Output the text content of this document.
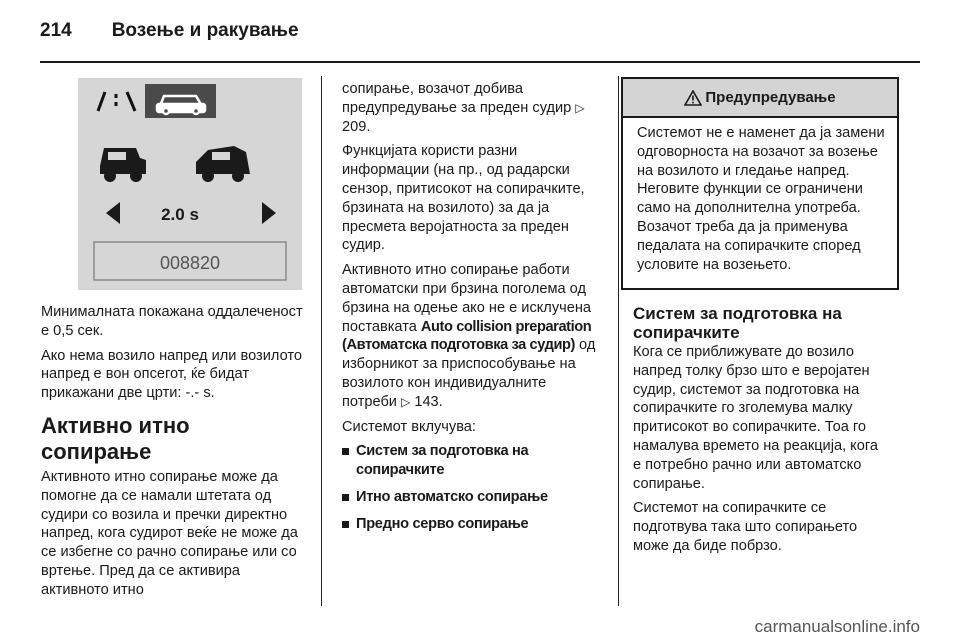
214 Возење и ракување
2.0 s
008820

Минималната покажана оддалеченост е 0,5 сек.

Ако нема возило напред или возилото напред е вон опсегот, ќе бидат прикажани две црти: -.- s.

Активно итно сопирање

Активното итно сопирање може да помогне да се намали штетата од судири со возила и пречки директно напред, кога судирот веќе не може да се избегне со рачно сопирање или со вртење. Пред да се активира активното итно

сопирање, возачот добива предупредување за преден судир ▷ 209.

Функцијата користи разни информации (на пр., од радарски сензор, притисокот на сопирачките, брзината на возилото) за да ја пресмета веројатноста за преден судир.

Активното итно сопирање работи автоматски при брзина поголема од брзина на одење ако не е исклучена поставката Auto collision preparation (Автоматска подготовка за судир) од изборникот за приспособување на возилото кон индивидуалните потреби ▷ 143.

Системот вклучува:

Систем за подготовка на сопирачките
Итно автоматско сопирање
Предно серво сопирање
Предупредување
Системот не е наменет да ја замени одговорноста на возачот за возење на возилото и гледање напред. Неговите функции се ограничени само на дополнителна употреба. Возачот треба да ја применува педалата на сопирачките според условите на возењето.
Систем за подготовка на сопирачките

Кога се приближувате до возило напред толку брзо што е веројатен судир, системот за подготовка на сопирачките го зголемува малку притисокот во сопирачките. Тоа го намалува времето на реакција, кога е потребно рачно или автоматско сопирање.

Системот на сопирачките се подготвува така што сопирањето може да биде побрзо.

carmanualsonline.info
